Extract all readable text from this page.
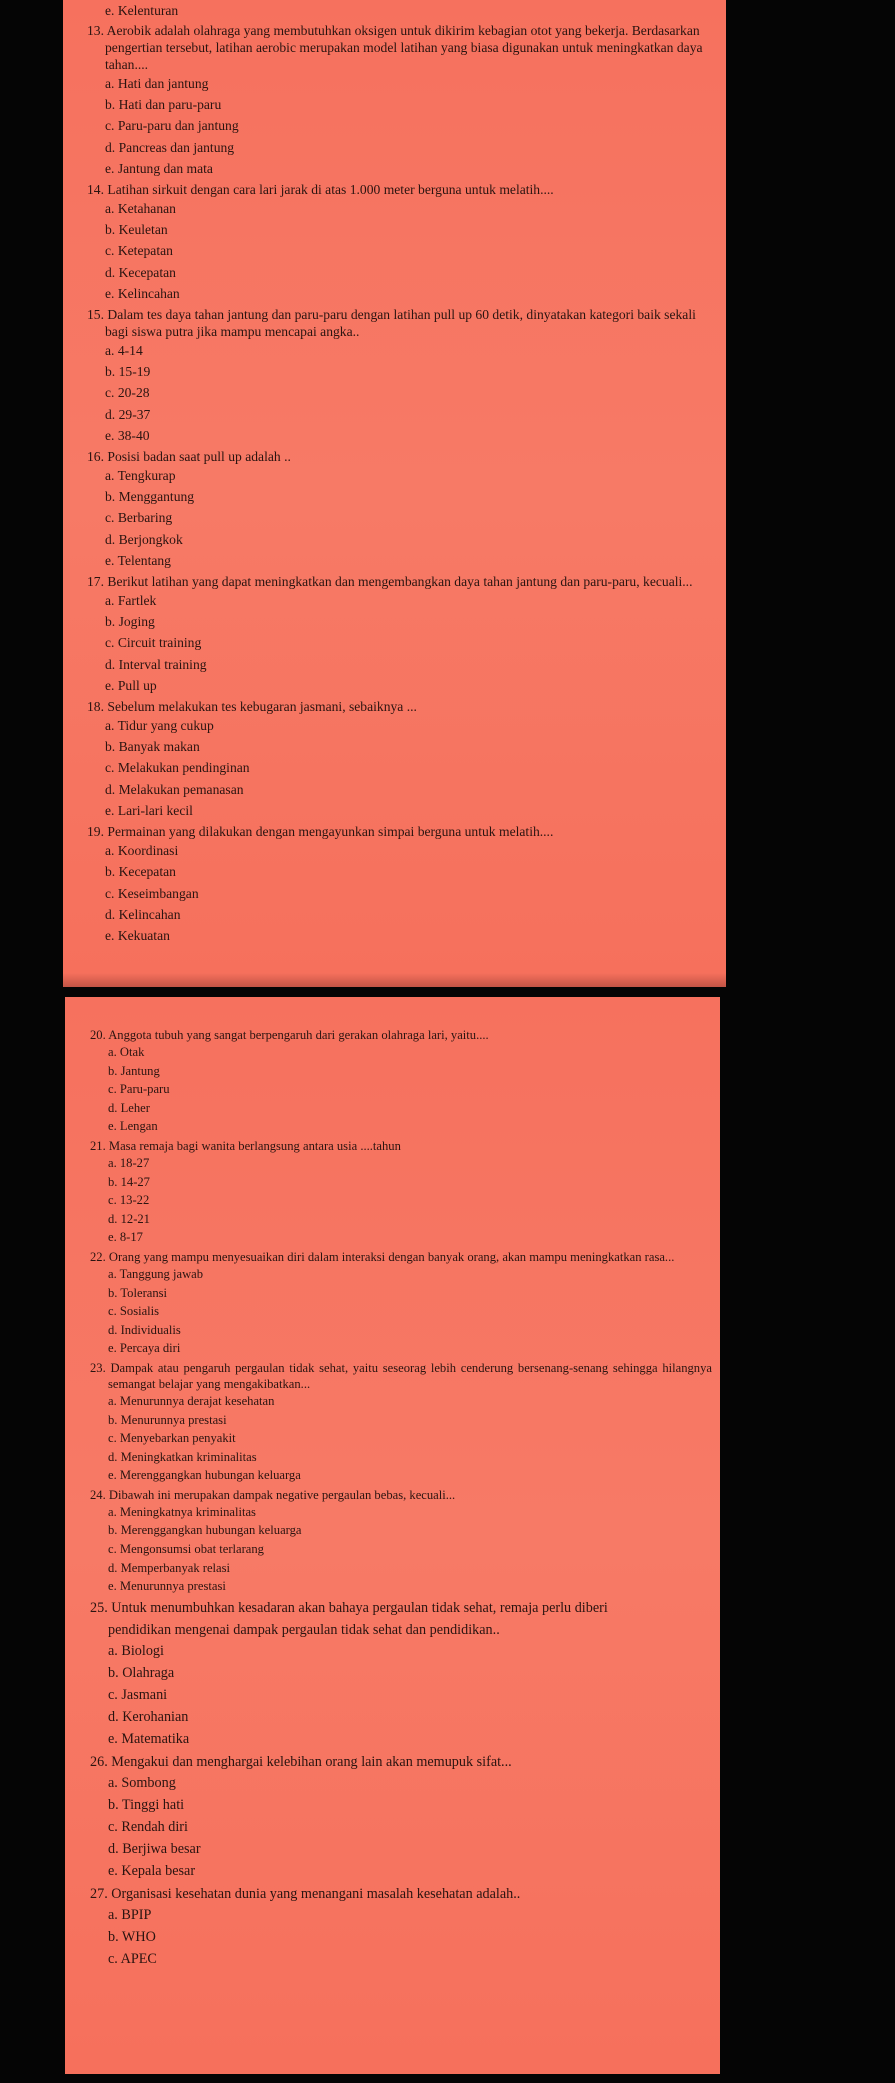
e. Kelenturan
13. Aerobik adalah olahraga yang membutuhkan oksigen untuk dikirim kebagian otot yang bekerja. Berdasarkan pengertian tersebut, latihan aerobic merupakan model latihan yang biasa digunakan untuk meningkatkan daya tahan....
a. Hati dan jantung
b. Hati dan paru-paru
c. Paru-paru dan jantung
d. Pancreas dan jantung
e. Jantung dan mata
14. Latihan sirkuit dengan cara lari jarak di atas 1.000 meter berguna untuk melatih....
a. Ketahanan
b. Keuletan
c. Ketepatan
d. Kecepatan
e. Kelincahan
15. Dalam tes daya tahan jantung dan paru-paru dengan latihan pull up 60 detik, dinyatakan kategori baik sekali bagi siswa putra jika mampu mencapai angka..
a. 4-14
b. 15-19
c. 20-28
d. 29-37
e. 38-40
16. Posisi badan saat pull up adalah ..
a. Tengkurap
b. Menggantung
c. Berbaring
d. Berjongkok
e. Telentang
17. Berikut latihan yang dapat meningkatkan dan mengembangkan daya tahan jantung dan paru-paru, kecuali...
a. Fartlek
b. Joging
c. Circuit training
d. Interval training
e. Pull up
18. Sebelum melakukan tes kebugaran jasmani, sebaiknya ...
a. Tidur yang cukup
b. Banyak makan
c. Melakukan pendinginan
d. Melakukan pemanasan
e. Lari-lari kecil
19. Permainan yang dilakukan dengan mengayunkan simpai berguna untuk melatih....
a. Koordinasi
b. Kecepatan
c. Keseimbangan
d. Kelincahan
e. Kekuatan
20. Anggota tubuh yang sangat berpengaruh dari gerakan olahraga lari, yaitu....
a. Otak
b. Jantung
c. Paru-paru
d. Leher
e. Lengan
21. Masa remaja bagi wanita berlangsung antara usia ....tahun
a. 18-27
b. 14-27
c. 13-22
d. 12-21
e. 8-17
22. Orang yang mampu menyesuaikan diri dalam interaksi dengan banyak orang, akan mampu meningkatkan rasa...
a. Tanggung jawab
b. Toleransi
c. Sosialis
d. Individualis
e. Percaya diri
23. Dampak atau pengaruh pergaulan tidak sehat, yaitu seseorag lebih cenderung bersenang-senang sehingga hilangnya semangat belajar yang mengakibatkan...
a. Menurunnya derajat kesehatan
b. Menurunnya prestasi
c. Menyebarkan penyakit
d. Meningkatkan kriminalitas
e. Merenggangkan hubungan keluarga
24. Dibawah ini merupakan dampak negative pergaulan bebas, kecuali...
a. Meningkatnya kriminalitas
b. Merenggangkan hubungan keluarga
c. Mengonsumsi obat terlarang
d. Memperbanyak relasi
e. Menurunnya prestasi
25. Untuk menumbuhkan kesadaran akan bahaya pergaulan tidak sehat, remaja perlu diberi
pendidikan mengenai dampak pergaulan tidak sehat dan pendidikan..
a. Biologi
b. Olahraga
c. Jasmani
d. Kerohanian
e. Matematika
26. Mengakui dan menghargai kelebihan orang lain akan memupuk sifat...
a. Sombong
b. Tinggi hati
c. Rendah diri
d. Berjiwa besar
e. Kepala besar
27. Organisasi kesehatan dunia yang menangani masalah kesehatan adalah..
a. BPIP
b. WHO
c. APEC
